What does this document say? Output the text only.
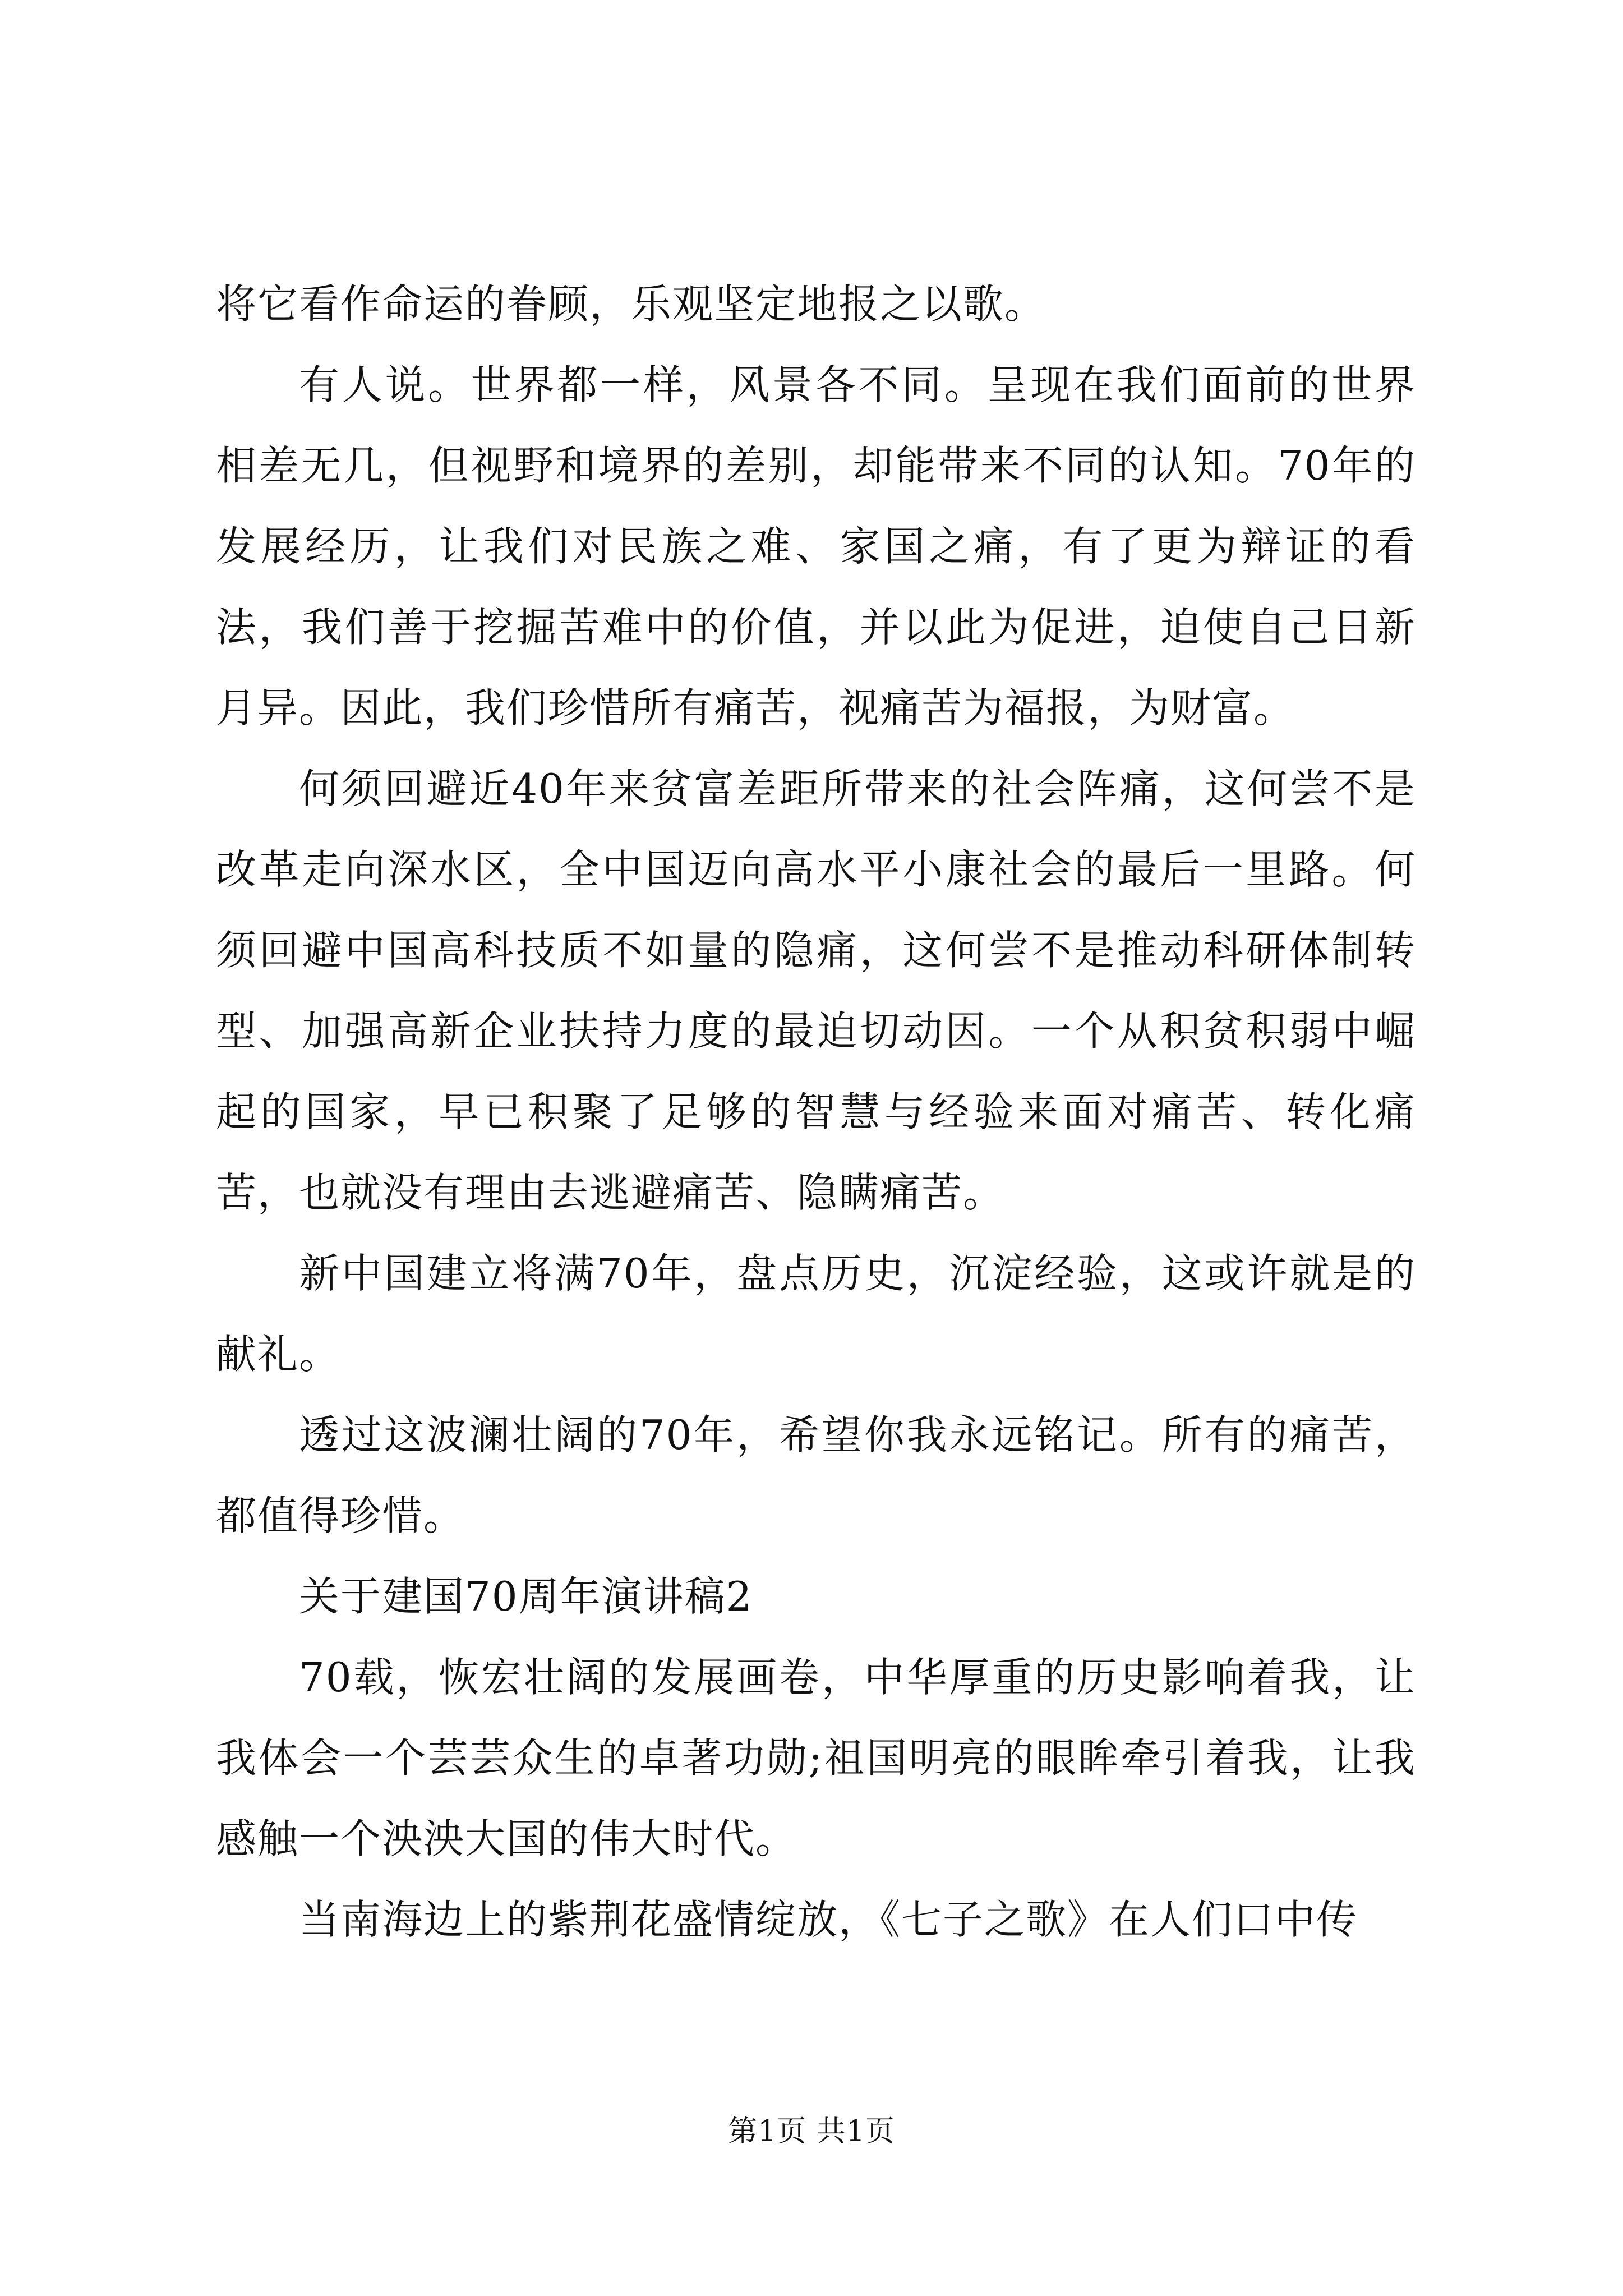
将它看作命运的眷顾，乐观坚定地报之以歌。

有人说。世界都一样，风景各不同。呈现在我们面前的世界相差无几，但视野和境界的差别，却能带来不同的认知。70年的发展经历，让我们对民族之难、家国之痛，有了更为辩证的看法，我们善于挖掘苦难中的价值，并以此为促进，迫使自己日新月异。因此，我们珍惜所有痛苦，视痛苦为福报，为财富。

何须回避近40年来贫富差距所带来的社会阵痛，这何尝不是改革走向深水区，全中国迈向高水平小康社会的最后一里路。何须回避中国高科技质不如量的隐痛，这何尝不是推动科研体制转型、加强高新企业扶持力度的最迫切动因。一个从积贫积弱中崛起的国家，早已积聚了足够的智慧与经验来面对痛苦、转化痛苦，也就没有理由去逃避痛苦、隐瞒痛苦。

新中国建立将满70年，盘点历史，沉淀经验，这或许就是的献礼。

透过这波澜壮阔的70年，希望你我永远铭记。所有的痛苦，都值得珍惜。

关于建国70周年演讲稿2

70载，恢宏壮阔的发展画卷，中华厚重的历史影响着我，让我体会一个芸芸众生的卓著功勋;祖国明亮的眼眸牵引着我，让我感触一个泱泱大国的伟大时代。

当南海边上的紫荆花盛情绽放，《七子之歌》在人们口中传

第1页 共1页
